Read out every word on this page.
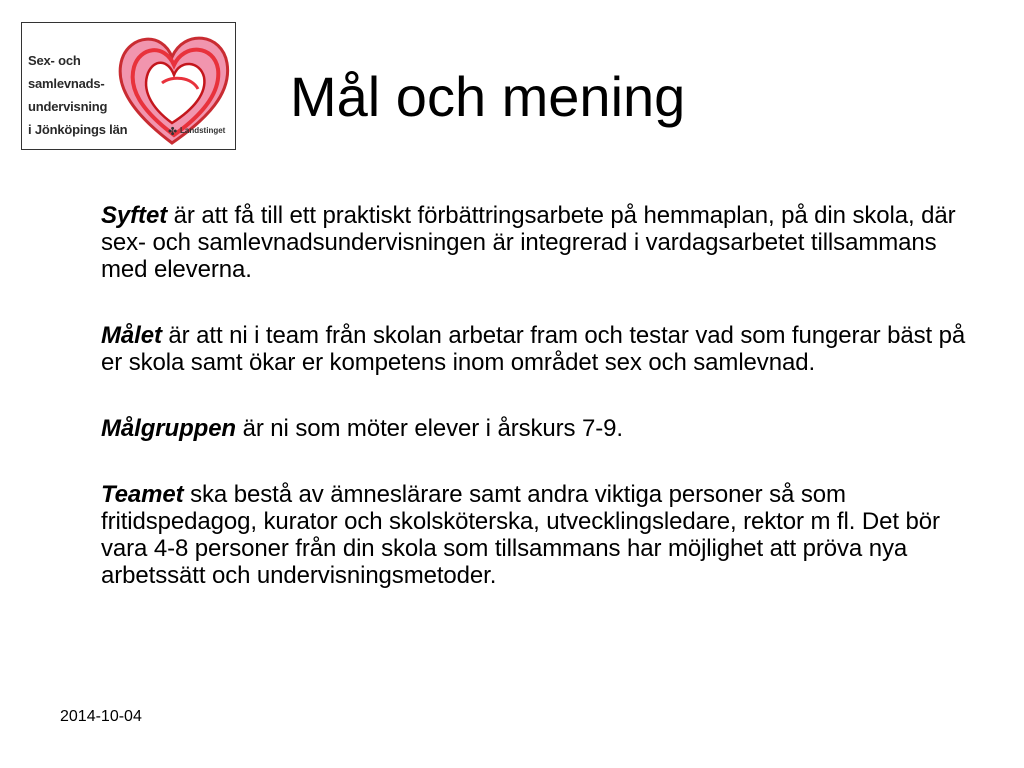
Sex- och
samlevnads-
undervisning
i Jönköpings län	✤ Landstinget
Mål och mening

Syftet är att få till ett praktiskt förbättringsarbete på hemmaplan, på din skola, där sex- och samlevnadsundervisningen är integrerad i vardagsarbetet tillsammans med eleverna.

Målet är att ni i team från skolan arbetar fram och testar vad som fungerar bäst på er skola samt ökar er kompetens inom området sex och samlevnad.

Målgruppen är ni som möter elever i årskurs 7-9.

Teamet ska bestå av ämneslärare samt andra viktiga personer så som fritidspedagog, kurator och skolsköterska, utvecklingsledare, rektor m fl. Det bör vara 4-8 personer från din skola som tillsammans har möjlighet att pröva nya arbetssätt och undervisningsmetoder.

2014-10-04
